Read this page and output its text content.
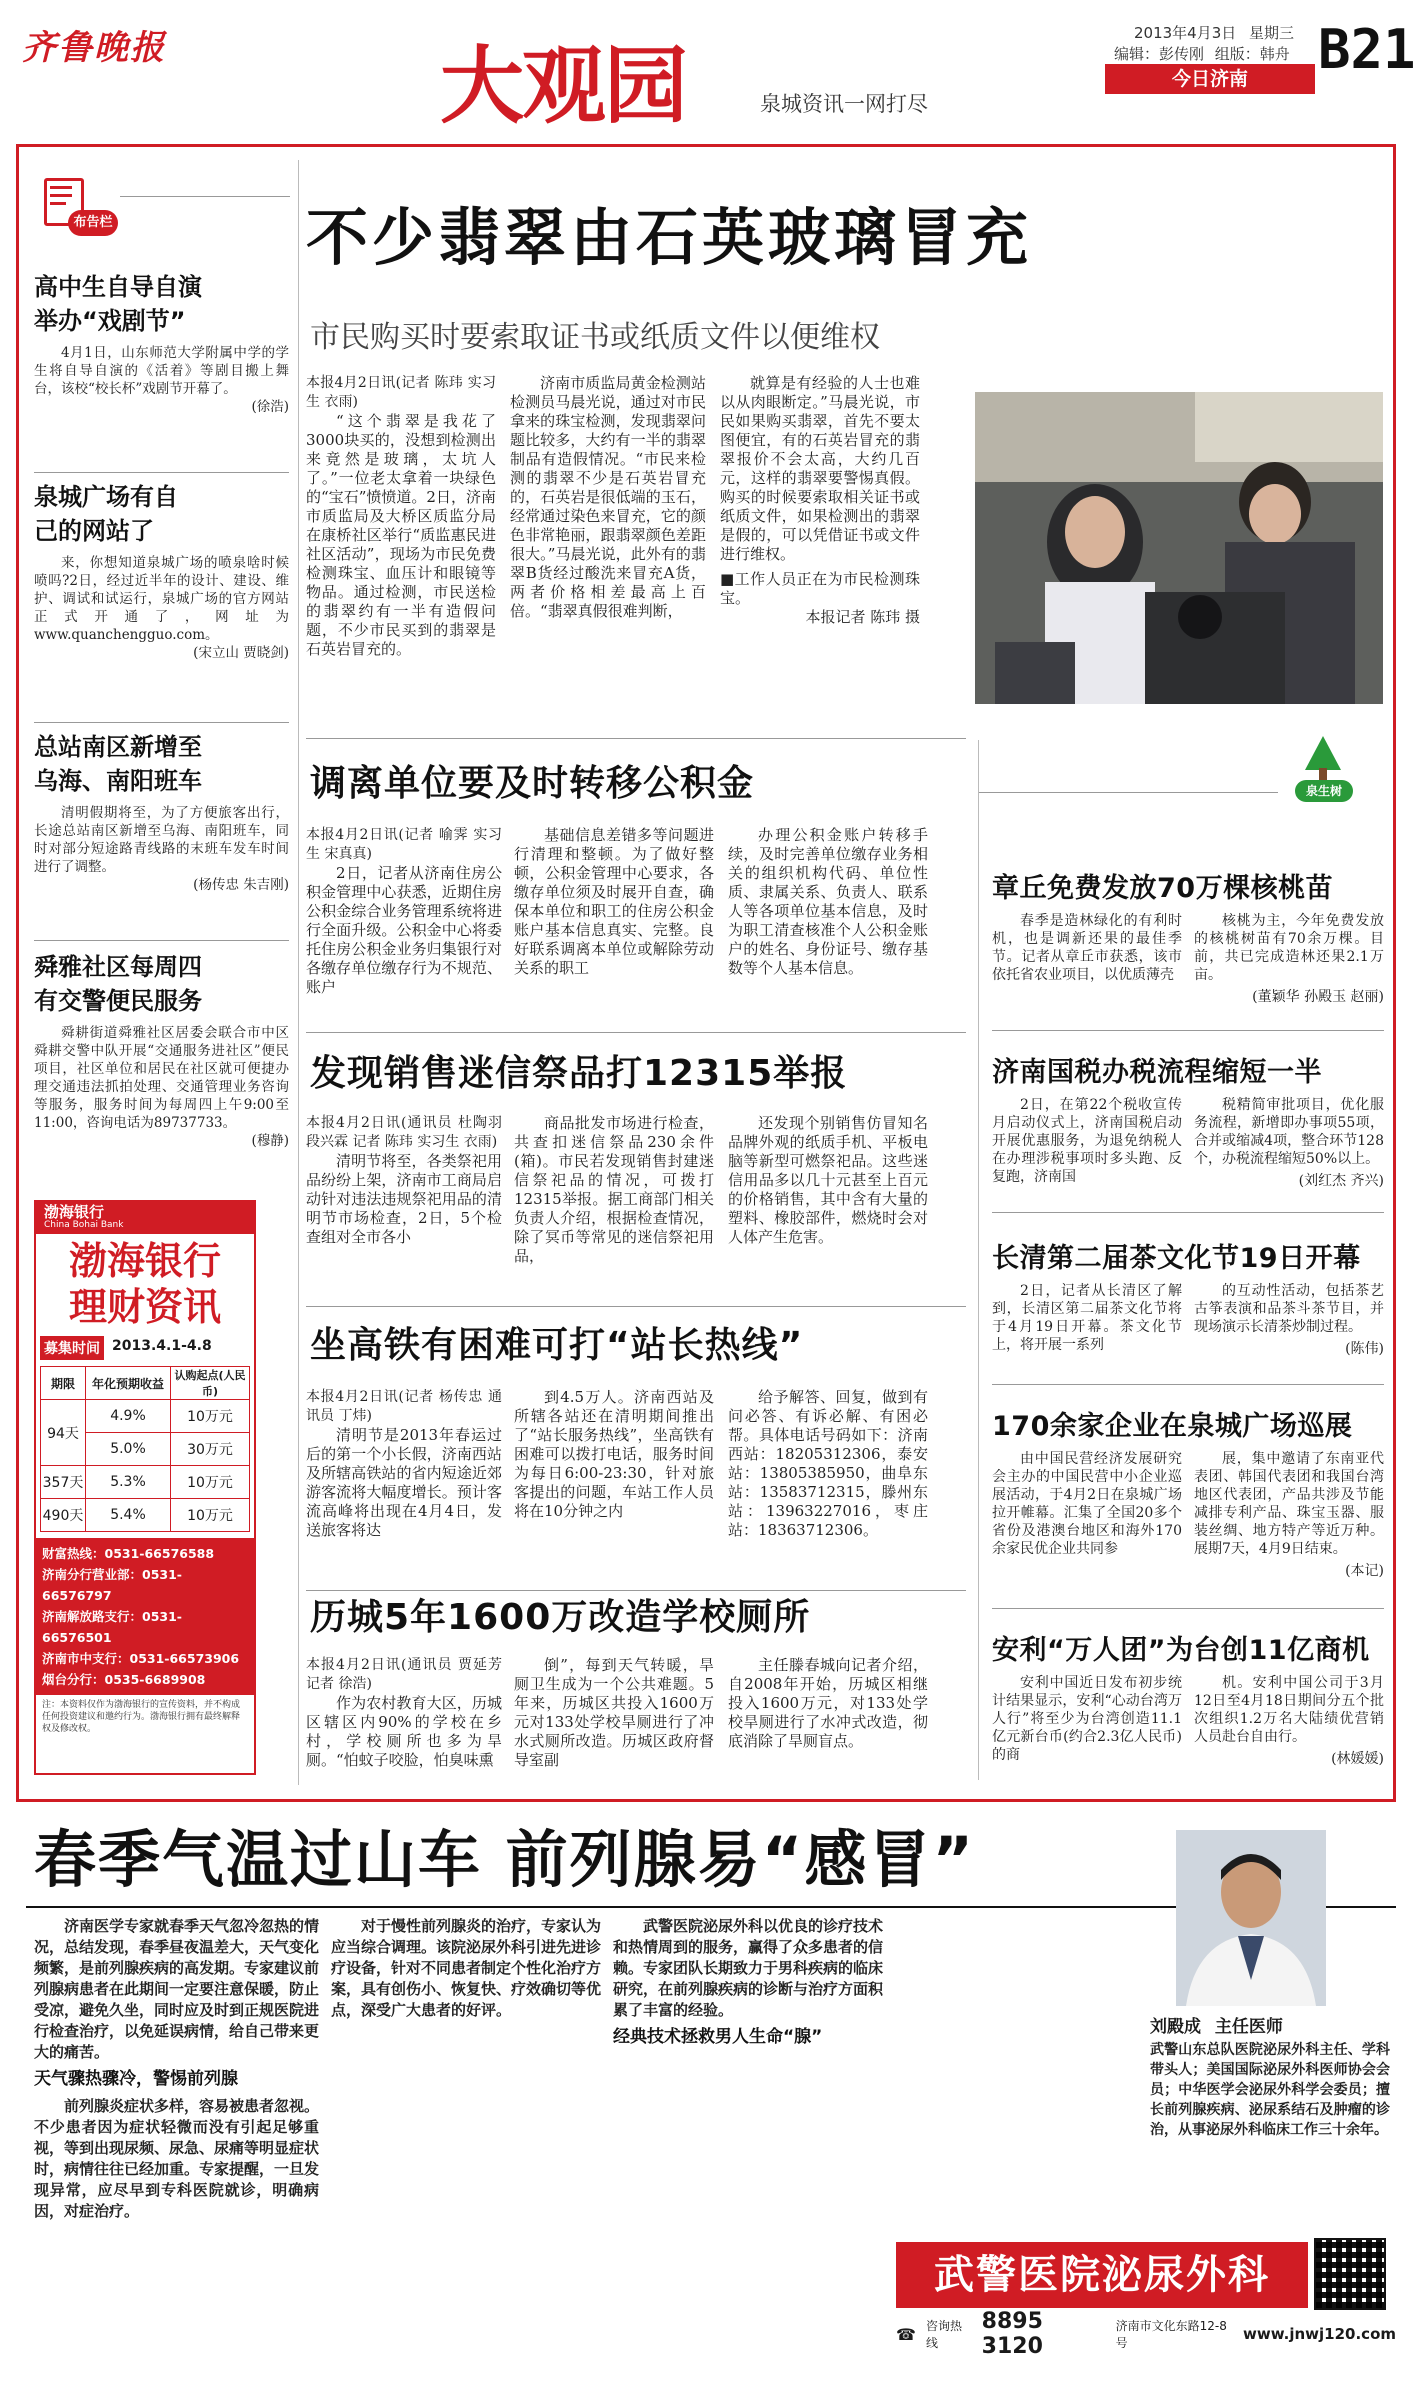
齐鲁晚报	大观园	泉城资讯一网打尽
2013年4月3日 星期三
编辑：彭传刚 组版：韩舟
今日济南	B21
布告栏
高中生自导自演举办“戏剧节”

4月1日，山东师范大学附属中学的学生将自导自演的《活着》等剧目搬上舞台，该校“校长杯”戏剧节开幕了。

(徐浩)
泉城广场有自己的网站了

来，你想知道泉城广场的喷泉啥时候喷吗?2日，经过近半年的设计、建设、维护、调试和试运行，泉城广场的官方网站正式开通了，网址为www.quanchengguo.com。

(宋立山 贾晓剑)
总站南区新增至乌海、南阳班车

清明假期将至，为了方便旅客出行，长途总站南区新增至乌海、南阳班车，同时对部分短途路青线路的末班车发车时间进行了调整。

(杨传忠 朱吉刚)
舜雅社区每周四有交警便民服务

舜耕街道舜雅社区居委会联合市中区舜耕交警中队开展“交通服务进社区”便民项目，社区单位和居民在社区就可便捷办理交通违法抓拍处理、交通管理业务咨询等服务，服务时间为每周四上午9:00至11:00，咨询电话为89737733。

(穆静)
渤海银行
China Bohai Bank
渤海银行
理财资讯
募集时间 2013.4.1-4.8
期限	年化预期收益	认购起点(人民币)
94天	4.9%	10万元
	5.0%	30万元
357天	5.3%	10万元
490天	5.4%	10万元
财富热线：0531-66576588
济南分行营业部：0531-66576797
济南解放路支行：0531-66576501
济南市中支行：0531-66573906
烟台分行：0535-6689908
注：本资料仅作为渤海银行的宣传资料，并不构成任何投资建议和邀约行为。渤海银行拥有最终解释权及修改权。
不少翡翠由石英玻璃冒充
市民购买时要索取证书或纸质文件以便维权
本报4月2日讯(记者 陈玮 实习生 衣雨)

“这个翡翠是我花了3000块买的，没想到检测出来竟然是玻璃，太坑人了。”一位老太拿着一块绿色的“宝石”愤愤道。2日，济南市质监局及大桥区质监分局在康桥社区举行“质监惠民进社区活动”，现场为市民免费检测珠宝、血压计和眼镜等物品。通过检测，市民送检的翡翠约有一半有造假问题，不少市民买到的翡翠是石英岩冒充的。

济南市质监局黄金检测站检测员马晨光说，通过对市民拿来的珠宝检测，发现翡翠问题比较多，大约有一半的翡翠制品有造假情况。“市民来检测的翡翠不少是石英岩冒充的，石英岩是很低端的玉石，经常通过染色来冒充，它的颜色非常艳丽，跟翡翠颜色差距很大。”马晨光说，此外有的翡翠B货经过酸洗来冒充A货，两者价格相差最高上百倍。“翡翠真假很难判断，

就算是有经验的人士也难以从肉眼断定。”马晨光说，市民如果购买翡翠，首先不要太图便宜，有的石英岩冒充的翡翠报价不会太高，大约几百元，这样的翡翠要警惕真假。购买的时候要索取相关证书或纸质文件，如果检测出的翡翠是假的，可以凭借证书或文件进行维权。

■工作人员正在为市民检测珠宝。
本报记者 陈玮 摄
泉生树
调离单位要及时转移公积金
本报4月2日讯(记者 喻霁 实习生 宋真真)

2日，记者从济南住房公积金管理中心获悉，近期住房公积金综合业务管理系统将进行全面升级。公积金中心将委托住房公积金业务归集银行对各缴存单位缴存行为不规范、账户

基础信息差错多等问题进行清理和整顿。为了做好整顿，公积金管理中心要求，各缴存单位须及时展开自查，确保本单位和职工的住房公积金账户基本信息真实、完整。良好联系调离本单位或解除劳动关系的职工

办理公积金账户转移手续，及时完善单位缴存业务相关的组织机构代码、单位性质、隶属关系、负责人、联系人等各项单位基本信息，及时为职工清查核准个人公积金账户的姓名、身份证号、缴存基数等个人基本信息。

发现销售迷信祭品打12315举报
本报4月2日讯(通讯员 杜陶羽 段兴霖 记者 陈玮 实习生 衣雨)

清明节将至，各类祭祀用品纷纷上架，济南市工商局启动针对违法违规祭祀用品的清明节市场检查，2日，5个检查组对全市各小

商品批发市场进行检查，共查扣迷信祭品230余件(箱)。市民若发现销售封建迷信祭祀品的情况，可拨打12315举报。据工商部门相关负责人介绍，根据检查情况，除了冥币等常见的迷信祭祀用品，

还发现个别销售仿冒知名品牌外观的纸质手机、平板电脑等新型可燃祭祀品。这些迷信用品多以几十元甚至上百元的价格销售，其中含有大量的塑料、橡胶部件，燃烧时会对人体产生危害。

坐高铁有困难可打“站长热线”
本报4月2日讯(记者 杨传忠 通讯员 丁炜)

清明节是2013年春运过后的第一个小长假，济南西站及所辖高铁站的省内短途近郊游客流将大幅度增长。预计客流高峰将出现在4月4日，发送旅客将达

到4.5万人。济南西站及所辖各站还在清明期间推出了“站长服务热线”，坐高铁有困难可以拨打电话，服务时间为每日6:00-23:30，针对旅客提出的问题，车站工作人员将在10分钟之内

给予解答、回复，做到有问必答、有诉必解、有困必帮。具体电话号码如下：济南西站：18205312306，泰安站：13805385950，曲阜东站：13583712315，滕州东站：13963227016，枣庄站：18363712306。

历城5年1600万改造学校厕所
本报4月2日讯(通讯员 贾延芳 记者 徐浩)

作为农村教育大区，历城区辖区内90%的学校在乡村，学校厕所也多为旱厕。“怕蚊子咬脸，怕臭味熏

倒”，每到天气转暖，旱厕卫生成为一个公共难题。5年来，历城区共投入1600万元对133处学校旱厕进行了冲水式厕所改造。历城区政府督导室副

主任滕春城向记者介绍，自2008年开始，历城区相继投入1600万元，对133处学校旱厕进行了水冲式改造，彻底消除了旱厕盲点。

章丘免费发放70万棵核桃苗

春季是造林绿化的有利时机，也是调新还果的最佳季节。记者从章丘市获悉，该市依托省农业项目，以优质薄壳

核桃为主，今年免费发放的核桃树苗有70余万棵。目前，共已完成造林还果2.1万亩。

(董颖华 孙殿玉 赵丽)
济南国税办税流程缩短一半

2日，在第22个税收宣传月启动仪式上，济南国税启动开展优惠服务，为退免纳税人在办理涉税事项时多头跑、反复跑，济南国

税精简审批项目，优化服务流程，新增即办事项55项，合并或缩减4项，整合环节128个，办税流程缩短50%以上。

(刘红杰 齐兴)
长清第二届茶文化节19日开幕

2日，记者从长清区了解到，长清区第二届茶文化节将于4月19日开幕。茶文化节上，将开展一系列

的互动性活动，包括茶艺古筝表演和品茶斗茶节目，并现场演示长清茶炒制过程。

(陈伟)
170余家企业在泉城广场巡展

由中国民营经济发展研究会主办的中国民营中小企业巡展活动，于4月2日在泉城广场拉开帷幕。汇集了全国20多个省份及港澳台地区和海外170余家民优企业共同参

展，集中邀请了东南亚代表团、韩国代表团和我国台湾地区代表团，产品共涉及节能减排专利产品、珠宝玉器、服装丝绸、地方特产等近万种。展期7天，4月9日结束。

(本记)
安利“万人团”为台创11亿商机

安利中国近日发布初步统计结果显示，安利“心动台湾万人行”将至少为台湾创造11.1亿元新台币(约合2.3亿人民币)的商

机。安利中国公司于3月12日至4月18日期间分五个批次组织1.2万名大陆绩优营销人员赴台自由行。

(林媛媛)
春季气温过山车 前列腺易“感冒”

济南医学专家就春季天气忽冷忽热的情况，总结发现，春季昼夜温差大，天气变化频繁，是前列腺疾病的高发期。专家建议前列腺病患者在此期间一定要注意保暖，防止受凉，避免久坐，同时应及时到正规医院进行检查治疗，以免延误病情，给自己带来更大的痛苦。

天气骤热骤冷，警惕前列腺

前列腺炎症状多样，容易被患者忽视。不少患者因为症状轻微而没有引起足够重视，等到出现尿频、尿急、尿痛等明显症状时，病情往往已经加重。专家提醒，一旦发现异常，应尽早到专科医院就诊，明确病因，对症治疗。

对于慢性前列腺炎的治疗，专家认为应当综合调理。该院泌尿外科引进先进诊疗设备，针对不同患者制定个性化治疗方案，具有创伤小、恢复快、疗效确切等优点，深受广大患者的好评。

武警医院泌尿外科以优良的诊疗技术和热情周到的服务，赢得了众多患者的信赖。专家团队长期致力于男科疾病的临床研究，在前列腺疾病的诊断与治疗方面积累了丰富的经验。

经典技术拯救男人生命“腺”	刘殿成 主任医师
武警山东总队医院泌尿外科主任、学科带头人；美国国际泌尿外科医师协会会员；中华医学会泌尿外科学会委员；擅长前列腺疾病、泌尿系结石及肿瘤的诊治，从事泌尿外科临床工作三十余年。
武警医院泌尿外科
☎ 咨询热线
8895 3120
济南市文化东路12-8号	www.jnwj120.com
